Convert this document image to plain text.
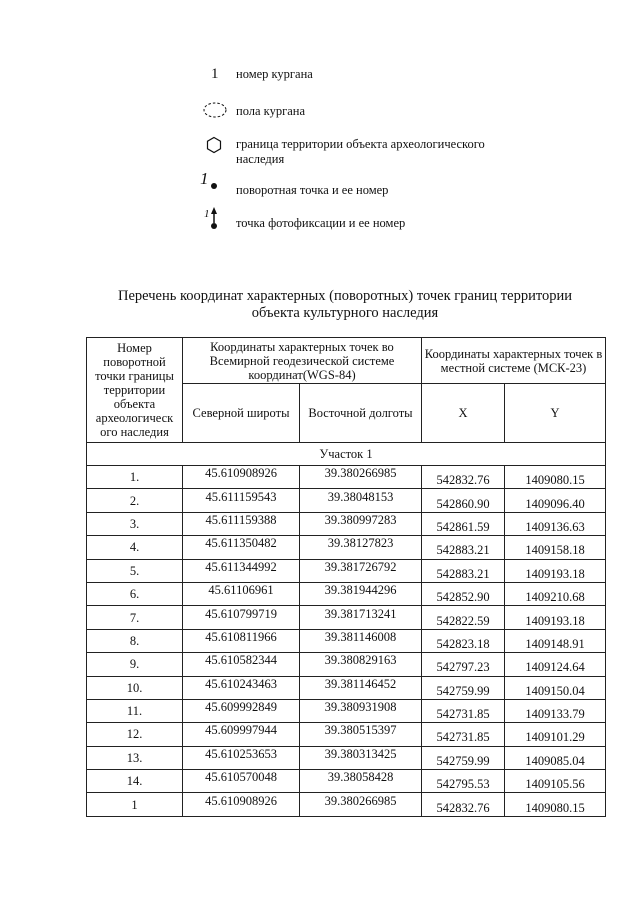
1 номер кургана
пола кургана
граница территории объекта археологического
наследия
1
поворотная точка и ее номер
1
точка фотофиксации и ее номер
Перечень координат характерных (поворотных) точек границ территории
объекта культурного наследия
Номер поворотной точки границы территории объекта археологическ ого наследия	Координаты характерных точек во Всемирной геодезической системе координат(WGS-84)		Координаты характерных точек в местной системе (МСК-23)	

	Северной широты	Восточной долготы	X	Y
Участок 1				
1.	45.610908926	39.380266985	542832.76	1409080.15
2.	45.611159543	39.38048153	542860.90	1409096.40
3.	45.611159388	39.380997283	542861.59	1409136.63
4.	45.611350482	39.38127823	542883.21	1409158.18
5.	45.611344992	39.381726792	542883.21	1409193.18
6.	45.61106961	39.381944296	542852.90	1409210.68
7.	45.610799719	39.381713241	542822.59	1409193.18
8.	45.610811966	39.381146008	542823.18	1409148.91
9.	45.610582344	39.380829163	542797.23	1409124.64
10.	45.610243463	39.381146452	542759.99	1409150.04
11.	45.609992849	39.380931908	542731.85	1409133.79
12.	45.609997944	39.380515397	542731.85	1409101.29
13.	45.610253653	39.380313425	542759.99	1409085.04
14.	45.610570048	39.38058428	542795.53	1409105.56
1	45.610908926	39.380266985	542832.76	1409080.15
